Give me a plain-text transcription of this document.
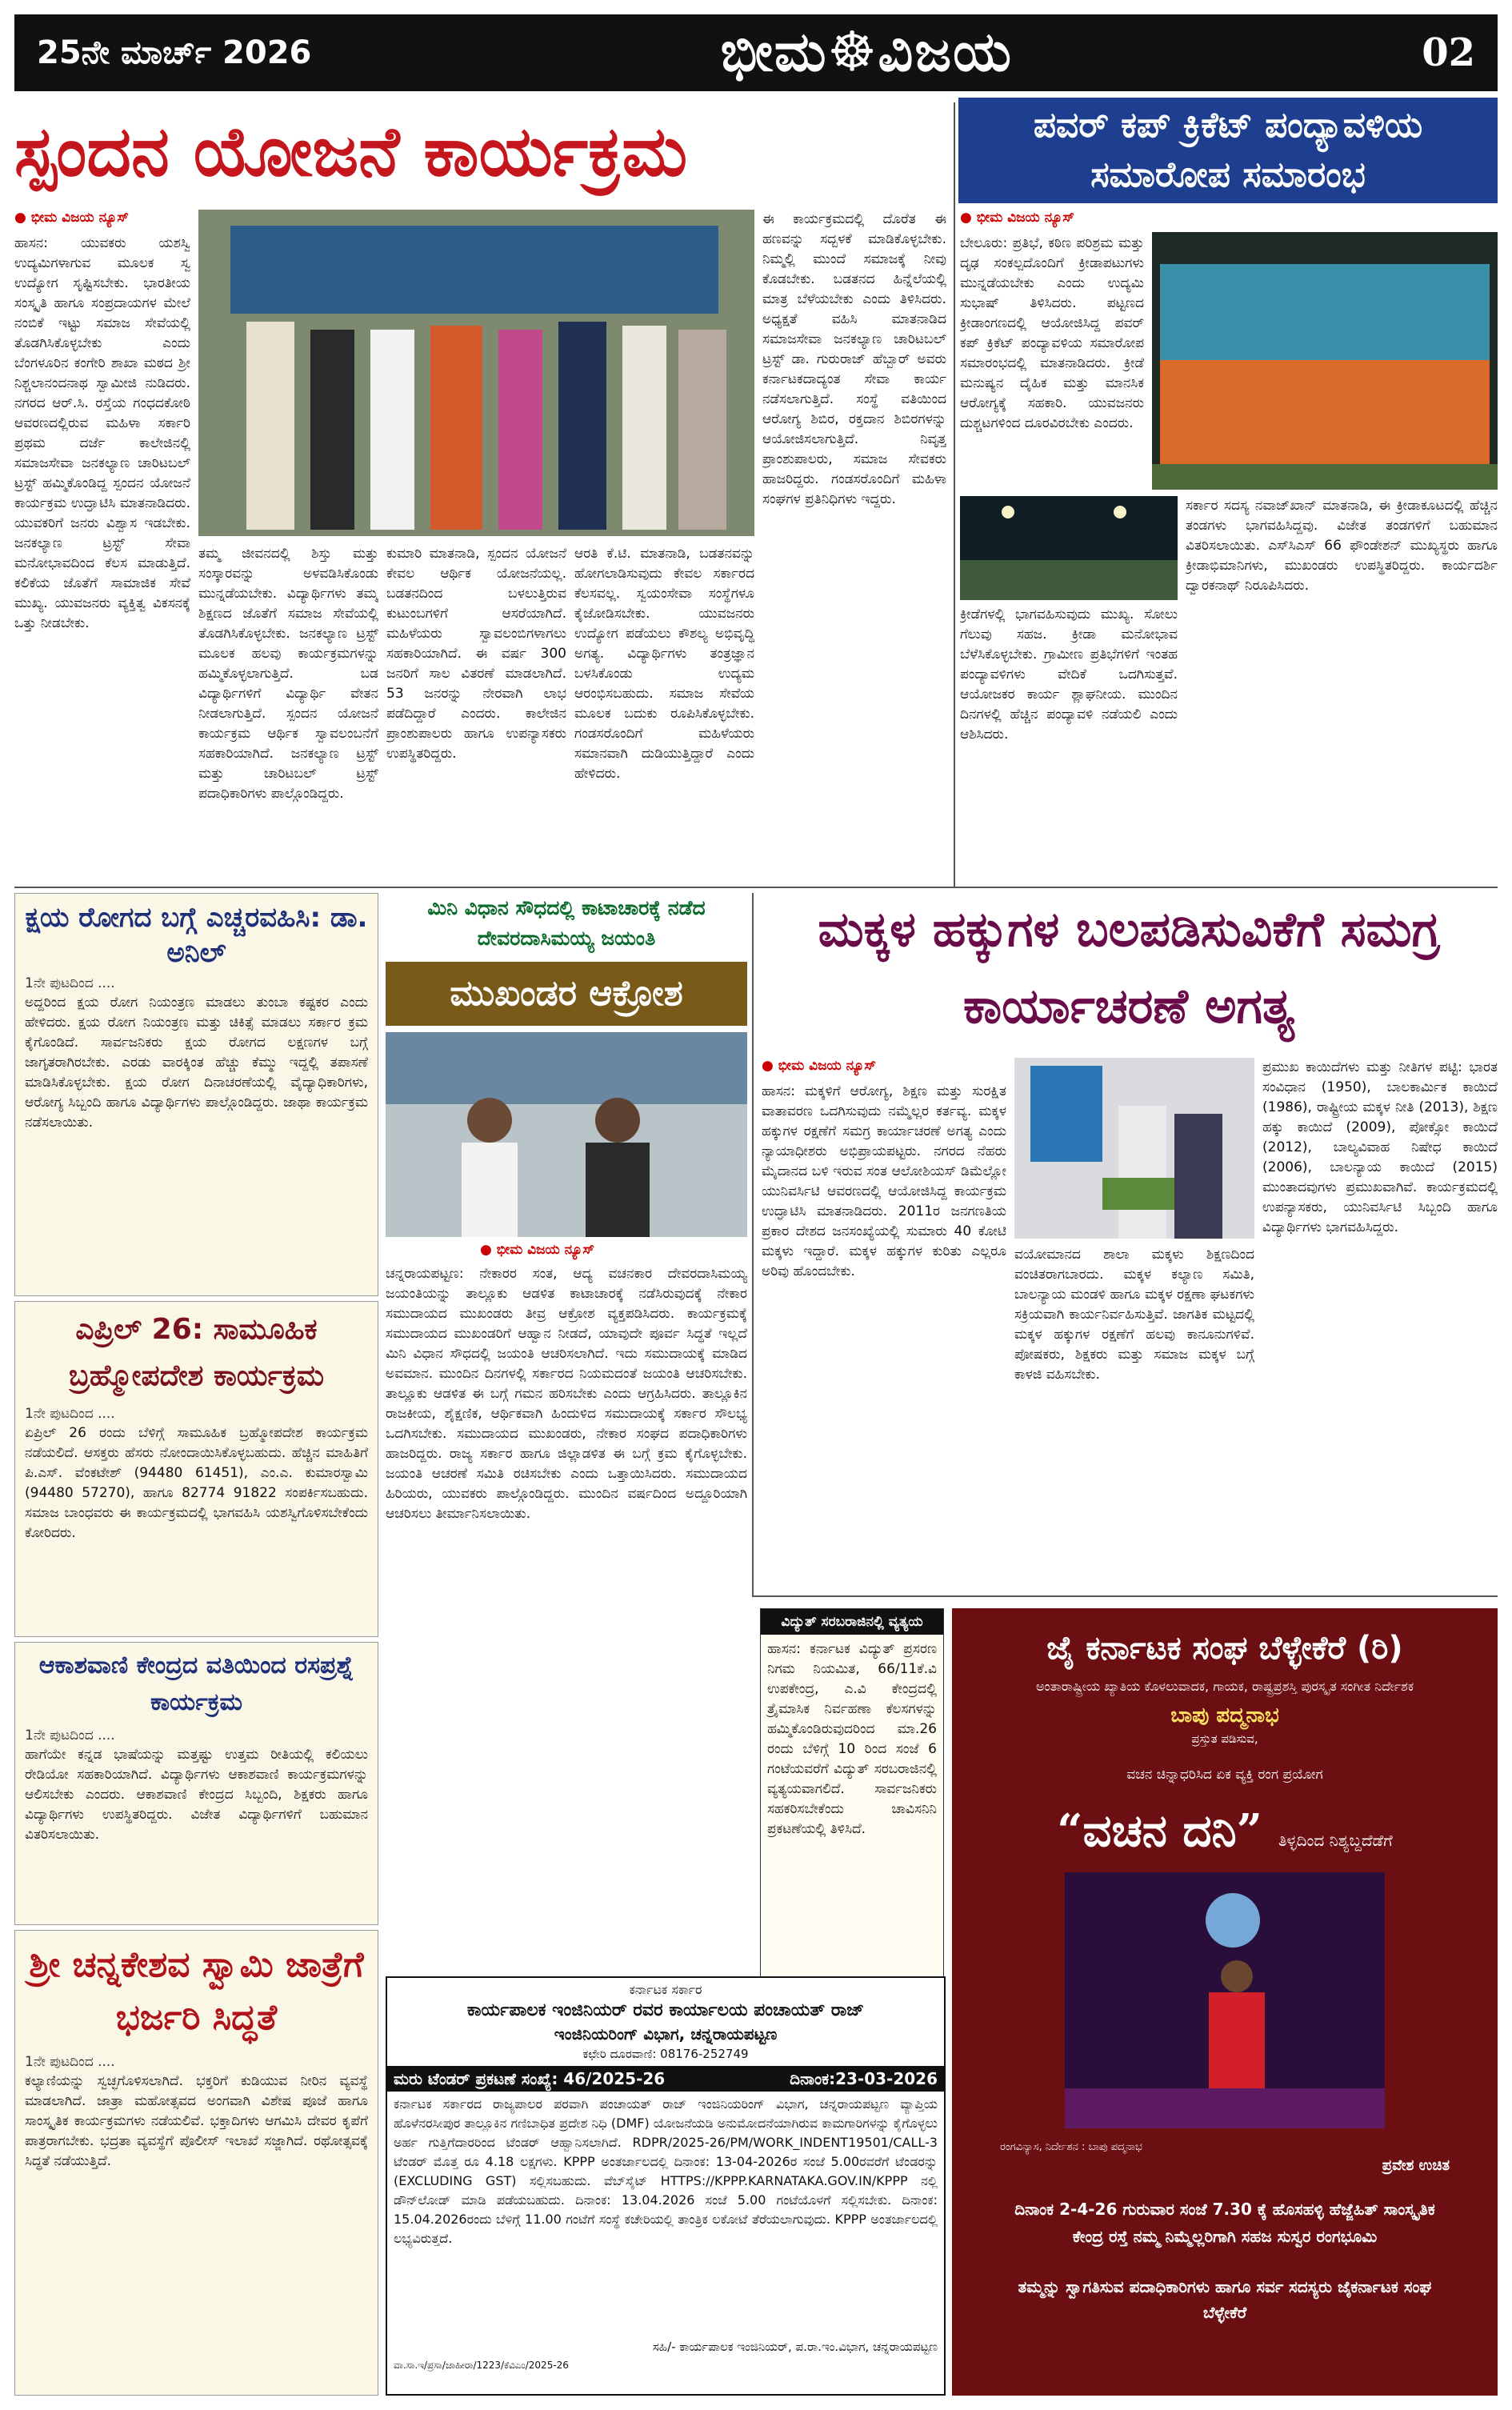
25ನೇ ಮಾರ್ಚ್ 2026	ಭೀಮ☸ವಿಜಯ	02
ಸ್ಪಂದನ ಯೋಜನೆ ಕಾರ್ಯಕ್ರಮ
● ಭೀಮ ವಿಜಯ ನ್ಯೂಸ್
ಹಾಸನ: ಯುವಕರು ಯಶಸ್ವಿ ಉದ್ಯಮಿಗಳಾಗುವ ಮೂಲಕ ಸ್ವ ಉದ್ಯೋಗ ಸೃಷ್ಟಿಸಬೇಕು. ಭಾರತೀಯ ಸಂಸ್ಕೃತಿ ಹಾಗೂ ಸಂಪ್ರದಾಯಗಳ ಮೇಲೆ ನಂಬಿಕೆ ಇಟ್ಟು ಸಮಾಜ ಸೇವೆಯಲ್ಲಿ ತೊಡಗಿಸಿಕೊಳ್ಳಬೇಕು ಎಂದು ಬೆಂಗಳೂರಿನ ಕಂಗೇರಿ ಶಾಖಾ ಮಠದ ಶ್ರೀ ನಿಶ್ಚಲಾನಂದನಾಥ ಸ್ವಾಮೀಜಿ ನುಡಿದರು. ನಗರದ ಆರ್.ಸಿ. ರಸ್ತೆಯ ಗಂಧದಕೋಠಿ ಆವರಣದಲ್ಲಿರುವ ಮಹಿಳಾ ಸರ್ಕಾರಿ ಪ್ರಥಮ ದರ್ಜೆ ಕಾಲೇಜಿನಲ್ಲಿ ಸಮಾಜಸೇವಾ ಜನಕಲ್ಯಾಣ ಚಾರಿಟಬಲ್ ಟ್ರಸ್ಟ್ ಹಮ್ಮಿಕೊಂಡಿದ್ದ ಸ್ಪಂದನ ಯೋಜನೆ ಕಾರ್ಯಕ್ರಮ ಉದ್ಘಾಟಿಸಿ ಮಾತನಾಡಿದರು. ಯುವಕರಿಗೆ ಜನರು ವಿಶ್ವಾಸ ಇಡಬೇಕು. ಜನಕಲ್ಯಾಣ ಟ್ರಸ್ಟ್ ಸೇವಾ ಮನೋಭಾವದಿಂದ ಕೆಲಸ ಮಾಡುತ್ತಿದೆ. ಕಲಿಕೆಯ ಜೊತೆಗೆ ಸಾಮಾಜಿಕ ಸೇವೆ ಮುಖ್ಯ. ಯುವಜನರು ವ್ಯಕ್ತಿತ್ವ ವಿಕಸನಕ್ಕೆ ಒತ್ತು ನೀಡಬೇಕು.
ತಮ್ಮ ಜೀವನದಲ್ಲಿ ಶಿಸ್ತು ಮತ್ತು ಸಂಸ್ಕಾರವನ್ನು ಅಳವಡಿಸಿಕೊಂಡು ಮುನ್ನಡೆಯಬೇಕು. ವಿದ್ಯಾರ್ಥಿಗಳು ತಮ್ಮ ಶಿಕ್ಷಣದ ಜೊತೆಗೆ ಸಮಾಜ ಸೇವೆಯಲ್ಲಿ ತೊಡಗಿಸಿಕೊಳ್ಳಬೇಕು. ಜನಕಲ್ಯಾಣ ಟ್ರಸ್ಟ್ ಮೂಲಕ ಹಲವು ಕಾರ್ಯಕ್ರಮಗಳನ್ನು ಹಮ್ಮಿಕೊಳ್ಳಲಾಗುತ್ತಿದೆ. ಬಡ ವಿದ್ಯಾರ್ಥಿಗಳಿಗೆ ವಿದ್ಯಾರ್ಥಿ ವೇತನ ನೀಡಲಾಗುತ್ತಿದೆ. ಸ್ಪಂದನ ಯೋಜನೆ ಕಾರ್ಯಕ್ರಮ ಆರ್ಥಿಕ ಸ್ವಾವಲಂಬನೆಗೆ ಸಹಕಾರಿಯಾಗಿದೆ. ಜನಕಲ್ಯಾಣ ಟ್ರಸ್ಟ್ ಮತ್ತು ಚಾರಿಟಬಲ್ ಟ್ರಸ್ಟ್ ಪದಾಧಿಕಾರಿಗಳು ಪಾಲ್ಗೊಂಡಿದ್ದರು.
ಕುಮಾರಿ ಮಾತನಾಡಿ, ಸ್ಪಂದನ ಯೋಜನೆ ಕೇವಲ ಆರ್ಥಿಕ ಯೋಜನೆಯಲ್ಲ. ಬಡತನದಿಂದ ಬಳಲುತ್ತಿರುವ ಕುಟುಂಬಗಳಿಗೆ ಆಸರೆಯಾಗಿದೆ. ಮಹಿಳೆಯರು ಸ್ವಾವಲಂಬಿಗಳಾಗಲು ಸಹಕಾರಿಯಾಗಿದೆ. ಈ ವರ್ಷ 300 ಜನರಿಗೆ ಸಾಲ ವಿತರಣೆ ಮಾಡಲಾಗಿದೆ. 53 ಜನರನ್ನು ನೇರವಾಗಿ ಲಾಭ ಪಡೆದಿದ್ದಾರೆ ಎಂದರು. ಕಾಲೇಜಿನ ಪ್ರಾಂಶುಪಾಲರು ಹಾಗೂ ಉಪನ್ಯಾಸಕರು ಉಪಸ್ಥಿತರಿದ್ದರು.
ಆರತಿ ಕೆ.ಟಿ. ಮಾತನಾಡಿ, ಬಡತನವನ್ನು ಹೋಗಲಾಡಿಸುವುದು ಕೇವಲ ಸರ್ಕಾರದ ಕೆಲಸವಲ್ಲ. ಸ್ವಯಂಸೇವಾ ಸಂಸ್ಥೆಗಳೂ ಕೈಜೋಡಿಸಬೇಕು. ಯುವಜನರು ಉದ್ಯೋಗ ಪಡೆಯಲು ಕೌಶಲ್ಯ ಅಭಿವೃದ್ಧಿ ಅಗತ್ಯ. ವಿದ್ಯಾರ್ಥಿಗಳು ತಂತ್ರಜ್ಞಾನ ಬಳಸಿಕೊಂಡು ಉದ್ಯಮ ಆರಂಭಿಸಬಹುದು. ಸಮಾಜ ಸೇವೆಯ ಮೂಲಕ ಬದುಕು ರೂಪಿಸಿಕೊಳ್ಳಬೇಕು. ಗಂಡಸರೊಂದಿಗೆ ಮಹಿಳೆಯರು ಸಮಾನವಾಗಿ ದುಡಿಯುತ್ತಿದ್ದಾರೆ ಎಂದು ಹೇಳಿದರು.
ಈ ಕಾರ್ಯಕ್ರಮದಲ್ಲಿ ದೊರೆತ ಈ ಹಣವನ್ನು ಸದ್ಬಳಕೆ ಮಾಡಿಕೊಳ್ಳಬೇಕು. ನಿಮ್ಮಲ್ಲಿ ಮುಂದೆ ಸಮಾಜಕ್ಕೆ ನೀವು ಕೊಡಬೇಕು. ಬಡತನದ ಹಿನ್ನೆಲೆಯಲ್ಲಿ ಮಾತ್ರ ಬೆಳೆಯಬೇಕು ಎಂದು ತಿಳಿಸಿದರು. ಅಧ್ಯಕ್ಷತೆ ವಹಿಸಿ ಮಾತನಾಡಿದ ಸಮಾಜಸೇವಾ ಜನಕಲ್ಯಾಣ ಚಾರಿಟಬಲ್ ಟ್ರಸ್ಟ್ ಡಾ. ಗುರುರಾಜ್ ಹೆಬ್ಬಾರ್ ಅವರು ಕರ್ನಾಟಕದಾದ್ಯಂತ ಸೇವಾ ಕಾರ್ಯ ನಡೆಸಲಾಗುತ್ತಿದೆ. ಸಂಸ್ಥೆ ವತಿಯಿಂದ ಆರೋಗ್ಯ ಶಿಬಿರ, ರಕ್ತದಾನ ಶಿಬಿರಗಳನ್ನು ಆಯೋಜಿಸಲಾಗುತ್ತಿದೆ. ನಿವೃತ್ತ ಪ್ರಾಂಶುಪಾಲರು, ಸಮಾಜ ಸೇವಕರು ಹಾಜರಿದ್ದರು. ಗಂಡಸರೊಂದಿಗೆ ಮಹಿಳಾ ಸಂಘಗಳ ಪ್ರತಿನಿಧಿಗಳು ಇದ್ದರು.
ಪವರ್ ಕಪ್ ಕ್ರಿಕೆಟ್ ಪಂದ್ಯಾವಳಿಯ ಸಮಾರೋಪ ಸಮಾರಂಭ
● ಭೀಮ ವಿಜಯ ನ್ಯೂಸ್
ಬೇಲೂರು: ಪ್ರತಿಭೆ, ಕಠಿಣ ಪರಿಶ್ರಮ ಮತ್ತು ದೃಢ ಸಂಕಲ್ಪದೊಂದಿಗೆ ಕ್ರೀಡಾಪಟುಗಳು ಮುನ್ನಡೆಯಬೇಕು ಎಂದು ಉದ್ಯಮಿ ಸುಭಾಷ್ ತಿಳಿಸಿದರು. ಪಟ್ಟಣದ ಕ್ರೀಡಾಂಗಣದಲ್ಲಿ ಆಯೋಜಿಸಿದ್ದ ಪವರ್ ಕಪ್ ಕ್ರಿಕೆಟ್ ಪಂದ್ಯಾವಳಿಯ ಸಮಾರೋಪ ಸಮಾರಂಭದಲ್ಲಿ ಮಾತನಾಡಿದರು. ಕ್ರೀಡೆ ಮನುಷ್ಯನ ದೈಹಿಕ ಮತ್ತು ಮಾನಸಿಕ ಆರೋಗ್ಯಕ್ಕೆ ಸಹಕಾರಿ. ಯುವಜನರು ದುಶ್ಚಟಗಳಿಂದ ದೂರವಿರಬೇಕು ಎಂದರು.
ಕ್ರೀಡೆಗಳಲ್ಲಿ ಭಾಗವಹಿಸುವುದು ಮುಖ್ಯ. ಸೋಲು ಗೆಲುವು ಸಹಜ. ಕ್ರೀಡಾ ಮನೋಭಾವ ಬೆಳೆಸಿಕೊಳ್ಳಬೇಕು. ಗ್ರಾಮೀಣ ಪ್ರತಿಭೆಗಳಿಗೆ ಇಂತಹ ಪಂದ್ಯಾವಳಿಗಳು ವೇದಿಕೆ ಒದಗಿಸುತ್ತವೆ. ಆಯೋಜಕರ ಕಾರ್ಯ ಶ್ಲಾಘನೀಯ. ಮುಂದಿನ ದಿನಗಳಲ್ಲಿ ಹೆಚ್ಚಿನ ಪಂದ್ಯಾವಳಿ ನಡೆಯಲಿ ಎಂದು ಆಶಿಸಿದರು.
ಸರ್ಕಾರ ಸದಸ್ಯ ನವಾಜ್‌ಖಾನ್ ಮಾತನಾಡಿ, ಈ ಕ್ರೀಡಾಕೂಟದಲ್ಲಿ ಹೆಚ್ಚಿನ ತಂಡಗಳು ಭಾಗವಹಿಸಿದ್ದವು. ವಿಜೇತ ತಂಡಗಳಿಗೆ ಬಹುಮಾನ ವಿತರಿಸಲಾಯಿತು. ಎಸ್‌ಸಿಎಸ್ 66 ಫೌಂಡೇಶನ್ ಮುಖ್ಯಸ್ಥರು ಹಾಗೂ ಕ್ರೀಡಾಭಿಮಾನಿಗಳು, ಮುಖಂಡರು ಉಪಸ್ಥಿತರಿದ್ದರು. ಕಾರ್ಯದರ್ಶಿ ದ್ವಾರಕನಾಥ್ ನಿರೂಪಿಸಿದರು.
ಕ್ಷಯ ರೋಗದ ಬಗ್ಗೆ ಎಚ್ಚರವಹಿಸಿ: ಡಾ. ಅನಿಲ್
1ನೇ ಪುಟದಿಂದ ....
ಅದ್ದರಿಂದ ಕ್ಷಯ ರೋಗ ನಿಯಂತ್ರಣ ಮಾಡಲು ತುಂಬಾ ಕಷ್ಟಕರ ಎಂದು ಹೇಳಿದರು. ಕ್ಷಯ ರೋಗ ನಿಯಂತ್ರಣ ಮತ್ತು ಚಿಕಿತ್ಸೆ ಮಾಡಲು ಸರ್ಕಾರ ಕ್ರಮ ಕೈಗೊಂಡಿದೆ. ಸಾರ್ವಜನಿಕರು ಕ್ಷಯ ರೋಗದ ಲಕ್ಷಣಗಳ ಬಗ್ಗೆ ಜಾಗೃತರಾಗಿರಬೇಕು. ಎರಡು ವಾರಕ್ಕಿಂತ ಹೆಚ್ಚು ಕೆಮ್ಮು ಇದ್ದಲ್ಲಿ ತಪಾಸಣೆ ಮಾಡಿಸಿಕೊಳ್ಳಬೇಕು. ಕ್ಷಯ ರೋಗ ದಿನಾಚರಣೆಯಲ್ಲಿ ವೈದ್ಯಾಧಿಕಾರಿಗಳು, ಆರೋಗ್ಯ ಸಿಬ್ಬಂದಿ ಹಾಗೂ ವಿದ್ಯಾರ್ಥಿಗಳು ಪಾಲ್ಗೊಂಡಿದ್ದರು. ಜಾಥಾ ಕಾರ್ಯಕ್ರಮ ನಡೆಸಲಾಯಿತು.
ಎಪ್ರಿಲ್ 26: ಸಾಮೂಹಿಕ ಬ್ರಹ್ಮೋಪದೇಶ ಕಾರ್ಯಕ್ರಮ
1ನೇ ಪುಟದಿಂದ ....
ಏಪ್ರಿಲ್ 26 ರಂದು ಬೆಳಿಗ್ಗೆ ಸಾಮೂಹಿಕ ಬ್ರಹ್ಮೋಪದೇಶ ಕಾರ್ಯಕ್ರಮ ನಡೆಯಲಿದೆ. ಆಸಕ್ತರು ಹೆಸರು ನೋಂದಾಯಿಸಿಕೊಳ್ಳಬಹುದು. ಹೆಚ್ಚಿನ ಮಾಹಿತಿಗೆ ಪಿ.ಎಸ್. ವೆಂಕಟೇಶ್ (94480 61451), ಎಂ.ಎ. ಕುಮಾರಸ್ವಾಮಿ (94480 57270), ಹಾಗೂ 82774 91822 ಸಂಪರ್ಕಿಸಬಹುದು. ಸಮಾಜ ಬಾಂಧವರು ಈ ಕಾರ್ಯಕ್ರಮದಲ್ಲಿ ಭಾಗವಹಿಸಿ ಯಶಸ್ವಿಗೊಳಿಸಬೇಕೆಂದು ಕೋರಿದರು.
ಆಕಾಶವಾಣಿ ಕೇಂದ್ರದ ವತಿಯಿಂದ ರಸಪ್ರಶ್ನೆ ಕಾರ್ಯಕ್ರಮ
1ನೇ ಪುಟದಿಂದ ....
ಹಾಗೆಯೇ ಕನ್ನಡ ಭಾಷೆಯನ್ನು ಮತ್ತಷ್ಟು ಉತ್ತಮ ರೀತಿಯಲ್ಲಿ ಕಲಿಯಲು ರೇಡಿಯೋ ಸಹಕಾರಿಯಾಗಿದೆ. ವಿದ್ಯಾರ್ಥಿಗಳು ಆಕಾಶವಾಣಿ ಕಾರ್ಯಕ್ರಮಗಳನ್ನು ಆಲಿಸಬೇಕು ಎಂದರು. ಆಕಾಶವಾಣಿ ಕೇಂದ್ರದ ಸಿಬ್ಬಂದಿ, ಶಿಕ್ಷಕರು ಹಾಗೂ ವಿದ್ಯಾರ್ಥಿಗಳು ಉಪಸ್ಥಿತರಿದ್ದರು. ವಿಜೇತ ವಿದ್ಯಾರ್ಥಿಗಳಿಗೆ ಬಹುಮಾನ ವಿತರಿಸಲಾಯಿತು.
ಶ್ರೀ ಚನ್ನಕೇಶವ ಸ್ವಾಮಿ ಜಾತ್ರೆಗೆ ಭರ್ಜರಿ ಸಿದ್ಧತೆ
1ನೇ ಪುಟದಿಂದ ....
ಕಲ್ಯಾಣಿಯನ್ನು ಸ್ವಚ್ಛಗೊಳಿಸಲಾಗಿದೆ. ಭಕ್ತರಿಗೆ ಕುಡಿಯುವ ನೀರಿನ ವ್ಯವಸ್ಥೆ ಮಾಡಲಾಗಿದೆ. ಜಾತ್ರಾ ಮಹೋತ್ಸವದ ಅಂಗವಾಗಿ ವಿಶೇಷ ಪೂಜೆ ಹಾಗೂ ಸಾಂಸ್ಕೃತಿಕ ಕಾರ್ಯಕ್ರಮಗಳು ನಡೆಯಲಿವೆ. ಭಕ್ತಾದಿಗಳು ಆಗಮಿಸಿ ದೇವರ ಕೃಪೆಗೆ ಪಾತ್ರರಾಗಬೇಕು. ಭದ್ರತಾ ವ್ಯವಸ್ಥೆಗೆ ಪೊಲೀಸ್ ಇಲಾಖೆ ಸಜ್ಜಾಗಿದೆ. ರಥೋತ್ಸವಕ್ಕೆ ಸಿದ್ಧತೆ ನಡೆಯುತ್ತಿದೆ.
ಮಿನಿ ವಿಧಾನ ಸೌಧದಲ್ಲಿ ಕಾಟಾಚಾರಕ್ಕೆ ನಡೆದ ದೇವರದಾಸಿಮಯ್ಯ ಜಯಂತಿ
ಮುಖಂಡರ ಆಕ್ರೋಶ
● ಭೀಮ ವಿಜಯ ನ್ಯೂಸ್
ಚನ್ನರಾಯಪಟ್ಟಣ: ನೇಕಾರರ ಸಂತ, ಆದ್ಯ ವಚನಕಾರ ದೇವರದಾಸಿಮಯ್ಯ ಜಯಂತಿಯನ್ನು ತಾಲ್ಲೂಕು ಆಡಳಿತ ಕಾಟಾಚಾರಕ್ಕೆ ನಡೆಸಿರುವುದಕ್ಕೆ ನೇಕಾರ ಸಮುದಾಯದ ಮುಖಂಡರು ತೀವ್ರ ಆಕ್ರೋಶ ವ್ಯಕ್ತಪಡಿಸಿದರು. ಕಾರ್ಯಕ್ರಮಕ್ಕೆ ಸಮುದಾಯದ ಮುಖಂಡರಿಗೆ ಆಹ್ವಾನ ನೀಡದೆ, ಯಾವುದೇ ಪೂರ್ವ ಸಿದ್ಧತೆ ಇಲ್ಲದೆ ಮಿನಿ ವಿಧಾನ ಸೌಧದಲ್ಲಿ ಜಯಂತಿ ಆಚರಿಸಲಾಗಿದೆ. ಇದು ಸಮುದಾಯಕ್ಕೆ ಮಾಡಿದ ಅವಮಾನ. ಮುಂದಿನ ದಿನಗಳಲ್ಲಿ ಸರ್ಕಾರದ ನಿಯಮದಂತೆ ಜಯಂತಿ ಆಚರಿಸಬೇಕು. ತಾಲ್ಲೂಕು ಆಡಳಿತ ಈ ಬಗ್ಗೆ ಗಮನ ಹರಿಸಬೇಕು ಎಂದು ಆಗ್ರಹಿಸಿದರು. ತಾಲ್ಲೂಕಿನ ರಾಜಕೀಯ, ಶೈಕ್ಷಣಿಕ, ಆರ್ಥಿಕವಾಗಿ ಹಿಂದುಳಿದ ಸಮುದಾಯಕ್ಕೆ ಸರ್ಕಾರ ಸೌಲಭ್ಯ ಒದಗಿಸಬೇಕು. ಸಮುದಾಯದ ಮುಖಂಡರು, ನೇಕಾರ ಸಂಘದ ಪದಾಧಿಕಾರಿಗಳು ಹಾಜರಿದ್ದರು. ರಾಜ್ಯ ಸರ್ಕಾರ ಹಾಗೂ ಜಿಲ್ಲಾಡಳಿತ ಈ ಬಗ್ಗೆ ಕ್ರಮ ಕೈಗೊಳ್ಳಬೇಕು. ಜಯಂತಿ ಆಚರಣೆ ಸಮಿತಿ ರಚಿಸಬೇಕು ಎಂದು ಒತ್ತಾಯಿಸಿದರು. ಸಮುದಾಯದ ಹಿರಿಯರು, ಯುವಕರು ಪಾಲ್ಗೊಂಡಿದ್ದರು. ಮುಂದಿನ ವರ್ಷದಿಂದ ಅದ್ದೂರಿಯಾಗಿ ಆಚರಿಸಲು ತೀರ್ಮಾನಿಸಲಾಯಿತು.
ಮಕ್ಕಳ ಹಕ್ಕುಗಳ ಬಲಪಡಿಸುವಿಕೆಗೆ ಸಮಗ್ರ ಕಾರ್ಯಾಚರಣೆ ಅಗತ್ಯ
● ಭೀಮ ವಿಜಯ ನ್ಯೂಸ್
ಹಾಸನ: ಮಕ್ಕಳಿಗೆ ಆರೋಗ್ಯ, ಶಿಕ್ಷಣ ಮತ್ತು ಸುರಕ್ಷಿತ ವಾತಾವರಣ ಒದಗಿಸುವುದು ನಮ್ಮೆಲ್ಲರ ಕರ್ತವ್ಯ. ಮಕ್ಕಳ ಹಕ್ಕುಗಳ ರಕ್ಷಣೆಗೆ ಸಮಗ್ರ ಕಾರ್ಯಾಚರಣೆ ಅಗತ್ಯ ಎಂದು ನ್ಯಾಯಾಧೀಶರು ಅಭಿಪ್ರಾಯಪಟ್ಟರು. ನಗರದ ನೆಹರು ಮೈದಾನದ ಬಳಿ ಇರುವ ಸಂತ ಆಲೋಶಿಯಸ್ ಡಿಮೆಲ್ಲೋ ಯುನಿವರ್ಸಿಟಿ ಆವರಣದಲ್ಲಿ ಆಯೋಜಿಸಿದ್ದ ಕಾರ್ಯಕ್ರಮ ಉದ್ಘಾಟಿಸಿ ಮಾತನಾಡಿದರು. 2011ರ ಜನಗಣತಿಯ ಪ್ರಕಾರ ದೇಶದ ಜನಸಂಖ್ಯೆಯಲ್ಲಿ ಸುಮಾರು 40 ಕೋಟಿ ಮಕ್ಕಳು ಇದ್ದಾರೆ. ಮಕ್ಕಳ ಹಕ್ಕುಗಳ ಕುರಿತು ಎಲ್ಲರೂ ಅರಿವು ಹೊಂದಬೇಕು.
ವಯೋಮಾನದ ಶಾಲಾ ಮಕ್ಕಳು ಶಿಕ್ಷಣದಿಂದ ವಂಚಿತರಾಗಬಾರದು. ಮಕ್ಕಳ ಕಲ್ಯಾಣ ಸಮಿತಿ, ಬಾಲನ್ಯಾಯ ಮಂಡಳಿ ಹಾಗೂ ಮಕ್ಕಳ ರಕ್ಷಣಾ ಘಟಕಗಳು ಸಕ್ರಿಯವಾಗಿ ಕಾರ್ಯನಿರ್ವಹಿಸುತ್ತಿವೆ. ಜಾಗತಿಕ ಮಟ್ಟದಲ್ಲಿ ಮಕ್ಕಳ ಹಕ್ಕುಗಳ ರಕ್ಷಣೆಗೆ ಹಲವು ಕಾನೂನುಗಳಿವೆ. ಪೋಷಕರು, ಶಿಕ್ಷಕರು ಮತ್ತು ಸಮಾಜ ಮಕ್ಕಳ ಬಗ್ಗೆ ಕಾಳಜಿ ವಹಿಸಬೇಕು.
ಪ್ರಮುಖ ಕಾಯಿದೆಗಳು ಮತ್ತು ನೀತಿಗಳ ಪಟ್ಟಿ: ಭಾರತ ಸಂವಿಧಾನ (1950), ಬಾಲಕಾರ್ಮಿಕ ಕಾಯಿದೆ (1986), ರಾಷ್ಟ್ರೀಯ ಮಕ್ಕಳ ನೀತಿ (2013), ಶಿಕ್ಷಣ ಹಕ್ಕು ಕಾಯಿದೆ (2009), ಪೋಕ್ಸೋ ಕಾಯಿದೆ (2012), ಬಾಲ್ಯವಿವಾಹ ನಿಷೇಧ ಕಾಯಿದೆ (2006), ಬಾಲನ್ಯಾಯ ಕಾಯಿದೆ (2015) ಮುಂತಾದವುಗಳು ಪ್ರಮುಖವಾಗಿವೆ. ಕಾರ್ಯಕ್ರಮದಲ್ಲಿ ಉಪನ್ಯಾಸಕರು, ಯುನಿವರ್ಸಿಟಿ ಸಿಬ್ಬಂದಿ ಹಾಗೂ ವಿದ್ಯಾರ್ಥಿಗಳು ಭಾಗವಹಿಸಿದ್ದರು.
ವಿದ್ಯುತ್ ಸರಬರಾಜಿನಲ್ಲಿ ವ್ಯತ್ಯಯ
ಹಾಸನ: ಕರ್ನಾಟಕ ವಿದ್ಯುತ್ ಪ್ರಸರಣ ನಿಗಮ ನಿಯಮಿತ, 66/11ಕೆ.ವಿ ಉಪಕೇಂದ್ರ, ಎ.ವಿ ಕೇಂದ್ರದಲ್ಲಿ ತ್ರೈಮಾಸಿಕ ನಿರ್ವಹಣಾ ಕೆಲಸಗಳನ್ನು ಹಮ್ಮಿಕೊಂಡಿರುವುದರಿಂದ ಮಾ.26 ರಂದು ಬೆಳಿಗ್ಗೆ 10 ರಿಂದ ಸಂಜೆ 6 ಗಂಟೆಯವರೆಗೆ ವಿದ್ಯುತ್ ಸರಬರಾಜಿನಲ್ಲಿ ವ್ಯತ್ಯಯವಾಗಲಿದೆ. ಸಾರ್ವಜನಿಕರು ಸಹಕರಿಸಬೇಕೆಂದು ಚಾವಿಸನಿನಿ ಪ್ರಕಟಣೆಯಲ್ಲಿ ತಿಳಿಸಿದೆ.
ಕರ್ನಾಟಕ ಸರ್ಕಾರ
ಕಾರ್ಯಪಾಲಕ ಇಂಜಿನಿಯರ್ ರವರ ಕಾರ್ಯಾಲಯ ಪಂಚಾಯತ್ ರಾಜ್
ಇಂಜಿನಿಯರಿಂಗ್ ವಿಭಾಗ, ಚನ್ನರಾಯಪಟ್ಟಣ
ಕಛೇರಿ ದೂರವಾಣಿ: 08176-252749
ಮರು ಟೆಂಡರ್ ಪ್ರಕಟಣೆ ಸಂಖ್ಯೆ: 46/2025-26	ದಿನಾಂಕ:23-03-2026
ಕರ್ನಾಟಕ ಸರ್ಕಾರದ ರಾಜ್ಯಪಾಲರ ಪರವಾಗಿ ಪಂಚಾಯತ್ ರಾಜ್ ಇಂಜಿನಿಯರಿಂಗ್ ವಿಭಾಗ, ಚನ್ನರಾಯಪಟ್ಟಣ ವ್ಯಾಪ್ತಿಯ ಹೊಳೆನರಸೀಪುರ ತಾಲ್ಲೂಕಿನ ಗಣಿಬಾಧಿತ ಪ್ರದೇಶ ನಿಧಿ (DMF) ಯೋಜನೆಯಡಿ ಅನುಮೋದನೆಯಾಗಿರುವ ಕಾಮಗಾರಿಗಳನ್ನು ಕೈಗೊಳ್ಳಲು ಅರ್ಹ ಗುತ್ತಿಗೆದಾರರಿಂದ ಟೆಂಡರ್ ಆಹ್ವಾನಿಸಲಾಗಿದೆ. RDPR/2025-26/PM/WORK_INDENT19501/CALL-3 ಟೆಂಡರ್ ಮೊತ್ತ ರೂ 4.18 ಲಕ್ಷಗಳು. KPPP ಅಂತರ್ಜಾಲದಲ್ಲಿ ದಿನಾಂಕ: 13-04-2026ರ ಸಂಜೆ 5.00ರವರೆಗೆ ಟೆಂಡರನ್ನು (EXCLUDING GST) ಸಲ್ಲಿಸಬಹುದು. ವೆಬ್‌ಸೈಟ್ HTTPS://KPPP.KARNATAKA.GOV.IN/KPPP ನಲ್ಲಿ ಡೌನ್‌ಲೋಡ್ ಮಾಡಿ ಪಡೆಯಬಹುದು. ದಿನಾಂಕ: 13.04.2026 ಸಂಜೆ 5.00 ಗಂಟೆಯೊಳಗೆ ಸಲ್ಲಿಸಬೇಕು. ದಿನಾಂಕ: 15.04.2026ರಂದು ಬೆಳಿಗ್ಗೆ 11.00 ಗಂಟೆಗೆ ಸಂಸ್ಥೆ ಕಚೇರಿಯಲ್ಲಿ ತಾಂತ್ರಿಕ ಲಕೋಟೆ ತೆರೆಯಲಾಗುವುದು. KPPP ಅಂತರ್ಜಾಲದಲ್ಲಿ ಲಭ್ಯವಿರುತ್ತದೆ.
ಸಹಿ/- ಕಾರ್ಯಪಾಲಕ ಇಂಜಿನಿಯರ್, ಪ.ರಾ.ಇಂ.ವಿಭಾಗ, ಚನ್ನರಾಯಪಟ್ಟಣ
ವಾ.ಸಾ.ಇ/ಪ್ರಸಾ/ಜಾಹೀರಾ/1223/ಕೆವಿಎಂ/2025-26
ಜೈ ಕರ್ನಾಟಕ ಸಂಘ ಬೆಳ್ಳೇಕೆರೆ (ರಿ)
ಅಂತಾರಾಷ್ಟ್ರೀಯ ಖ್ಯಾತಿಯ ಕೊಳಲುವಾದಕ, ಗಾಯಕ, ರಾಷ್ಟ್ರಪ್ರಶಸ್ತಿ ಪುರಸ್ಕೃತ ಸಂಗೀತ ನಿರ್ದೇಶಕ
ಬಾಪು ಪದ್ಮನಾಭ
ಪ್ರಸ್ತುತ ಪಡಿಸುವ,
ವಚನ ಚಿನ್ನಾಧರಿಸಿದ ಏಕ ವ್ಯಕ್ತಿ ರಂಗ ಪ್ರಯೋಗ
“ವಚನ ದನಿ” ತಿಳ್ಳದಿಂದ ನಿಶ್ಯಬ್ದದೆಡೆಗೆ
ರಂಗವಿನ್ಯಾಸ, ನಿರ್ದೇಶನ : ಬಾಪು ಪದ್ಮನಾಭ
ಪ್ರವೇಶ ಉಚಿತ
ದಿನಾಂಕ 2-4-26 ಗುರುವಾರ ಸಂಜೆ 7.30 ಕ್ಕೆ ಹೊಸಹಳ್ಳಿ ಹೆಜ್ಜೆಹಿತ್ ಸಾಂಸ್ಕೃತಿಕ ಕೇಂದ್ರ ರಸ್ತೆ ನಮ್ಮ ನಿಮ್ಮೆಲ್ಲರಿಗಾಗಿ ಸಹಜ ಸುಸ್ವರ ರಂಗಭೂಮಿ
ತಮ್ಮನ್ನು ಸ್ವಾಗತಿಸುವ ಪದಾಧಿಕಾರಿಗಳು ಹಾಗೂ ಸರ್ವ ಸದಸ್ಯರು ಜೈಕರ್ನಾಟಕ ಸಂಘ ಬೆಳ್ಳೇಕೆರೆ
